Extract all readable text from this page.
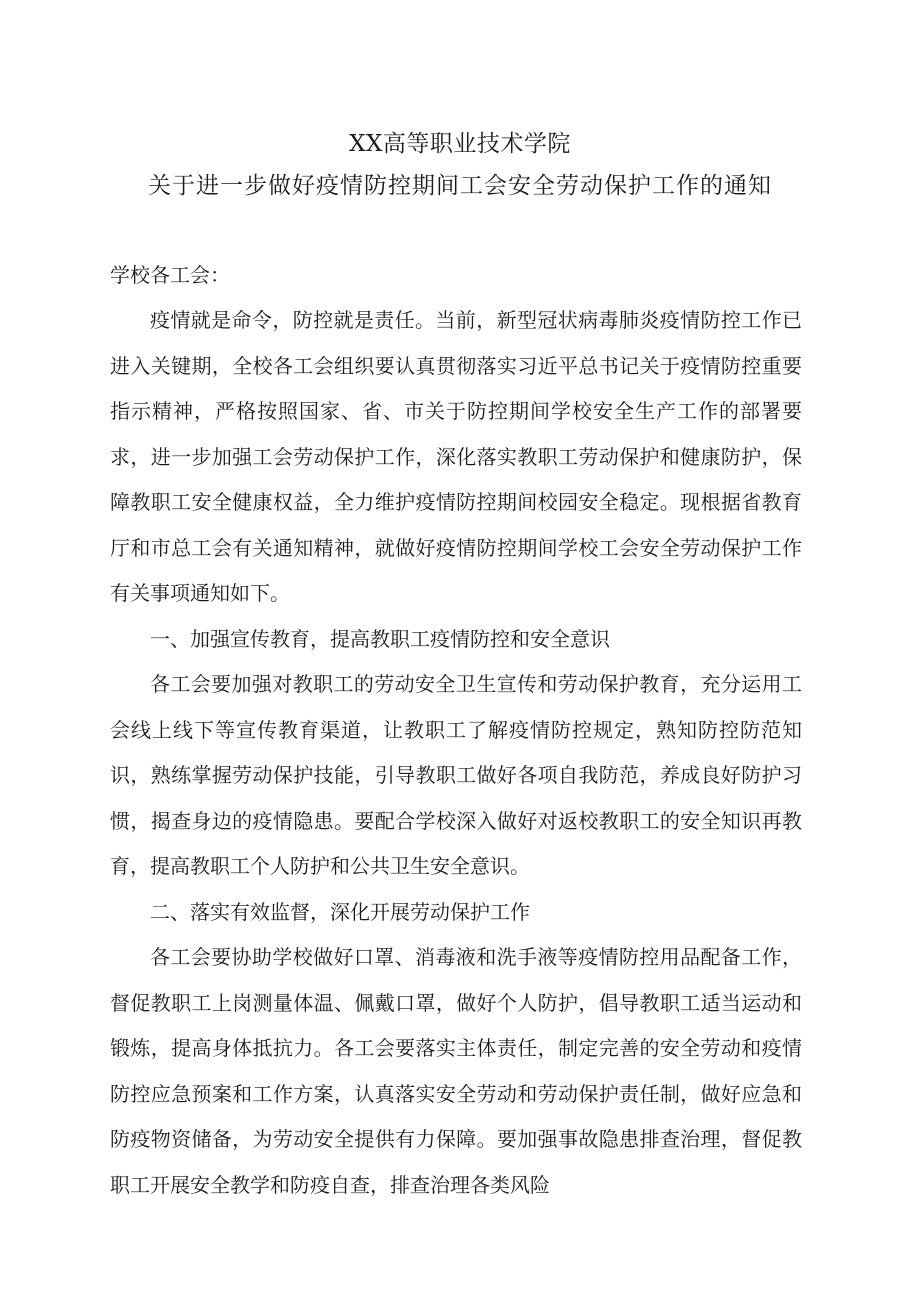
XX高等职业技术学院
关于进一步做好疫情防控期间工会安全劳动保护工作的通知

学校各工会：

疫情就是命令，防控就是责任。当前，新型冠状病毒肺炎疫情防控工作已进入关键期，全校各工会组织要认真贯彻落实习近平总书记关于疫情防控重要指示精神，严格按照国家、省、市关于防控期间学校安全生产工作的部署要求，进一步加强工会劳动保护工作，深化落实教职工劳动保护和健康防护，保障教职工安全健康权益，全力维护疫情防控期间校园安全稳定。现根据省教育厅和市总工会有关通知精神，就做好疫情防控期间学校工会安全劳动保护工作有关事项通知如下。

一、加强宣传教育，提高教职工疫情防控和安全意识

各工会要加强对教职工的劳动安全卫生宣传和劳动保护教育，充分运用工会线上线下等宣传教育渠道，让教职工了解疫情防控规定，熟知防控防范知识，熟练掌握劳动保护技能，引导教职工做好各项自我防范，养成良好防护习惯，揭查身边的疫情隐患。要配合学校深入做好对返校教职工的安全知识再教育，提高教职工个人防护和公共卫生安全意识。

二、落实有效监督，深化开展劳动保护工作

各工会要协助学校做好口罩、消毒液和洗手液等疫情防控用品配备工作，督促教职工上岗测量体温、佩戴口罩，做好个人防护，倡导教职工适当运动和锻炼，提高身体抵抗力。各工会要落实主体责任，制定完善的安全劳动和疫情防控应急预案和工作方案，认真落实安全劳动和劳动保护责任制，做好应急和防疫物资储备，为劳动安全提供有力保障。要加强事故隐患排查治理，督促教职工开展安全教学和防疫自查，排查治理各类风险
